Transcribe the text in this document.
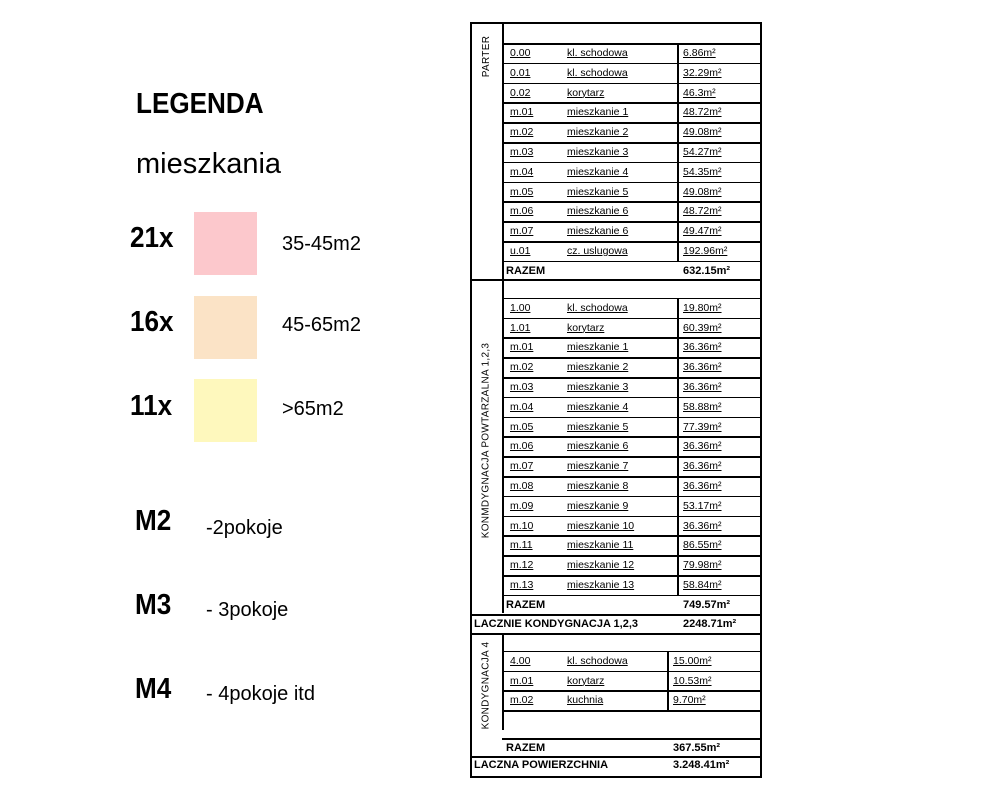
LEGENDA
mieszkania
21x	35-45m2
16x	45-65m2
11x	>65m2
M2 -2pokoje
M3 - 3pokoje
M4 - 4pokoje itd
0.00	kl. schodowa	6.86m²
0.01	kl. schodowa	32.29m²
0.02	korytarz	46.3m²
m.01	mieszkanie 1	48.72m²
m.02	mieszkanie 2	49.08m²
m.03	mieszkanie 3	54.27m²
m.04	mieszkanie 4	54.35m²
m.05	mieszkanie 5	49.08m²
m.06	mieszkanie 6	48.72m²
m.07	mieszkanie 6	49.47m²
u.01	cz. uslugowa	192.96m²
RAZEM	632.15m²
PARTER
1.00	kl. schodowa	19.80m²
1.01	korytarz	60.39m²
m.01	mieszkanie 1	36.36m²
m.02	mieszkanie 2	36.36m²
m.03	mieszkanie 3	36.36m²
m.04	mieszkanie 4	58.88m²
m.05	mieszkanie 5	77.39m²
m.06	mieszkanie 6	36.36m²
m.07	mieszkanie 7	36.36m²
m.08	mieszkanie 8	36.36m²
m.09	mieszkanie 9	53.17m²
m.10	mieszkanie 10	36.36m²
m.11	mieszkanie 11	86.55m²
m.12	mieszkanie 12	79.98m²
m.13	mieszkanie 13	58.84m²
RAZEM	749.57m²
KONMDYGNACJA POWTARZALNA 1,2,3
LACZNIE KONDYGNACJA 1,2,3	2248.71m²
4.00	kl. schodowa	15.00m²
m.01	korytarz	10.53m²
m.02	kuchnia	9.70m²
RAZEM	367.55m²
KONDYGNACJA 4
LACZNA POWIERZCHNIA	3.248.41m²
